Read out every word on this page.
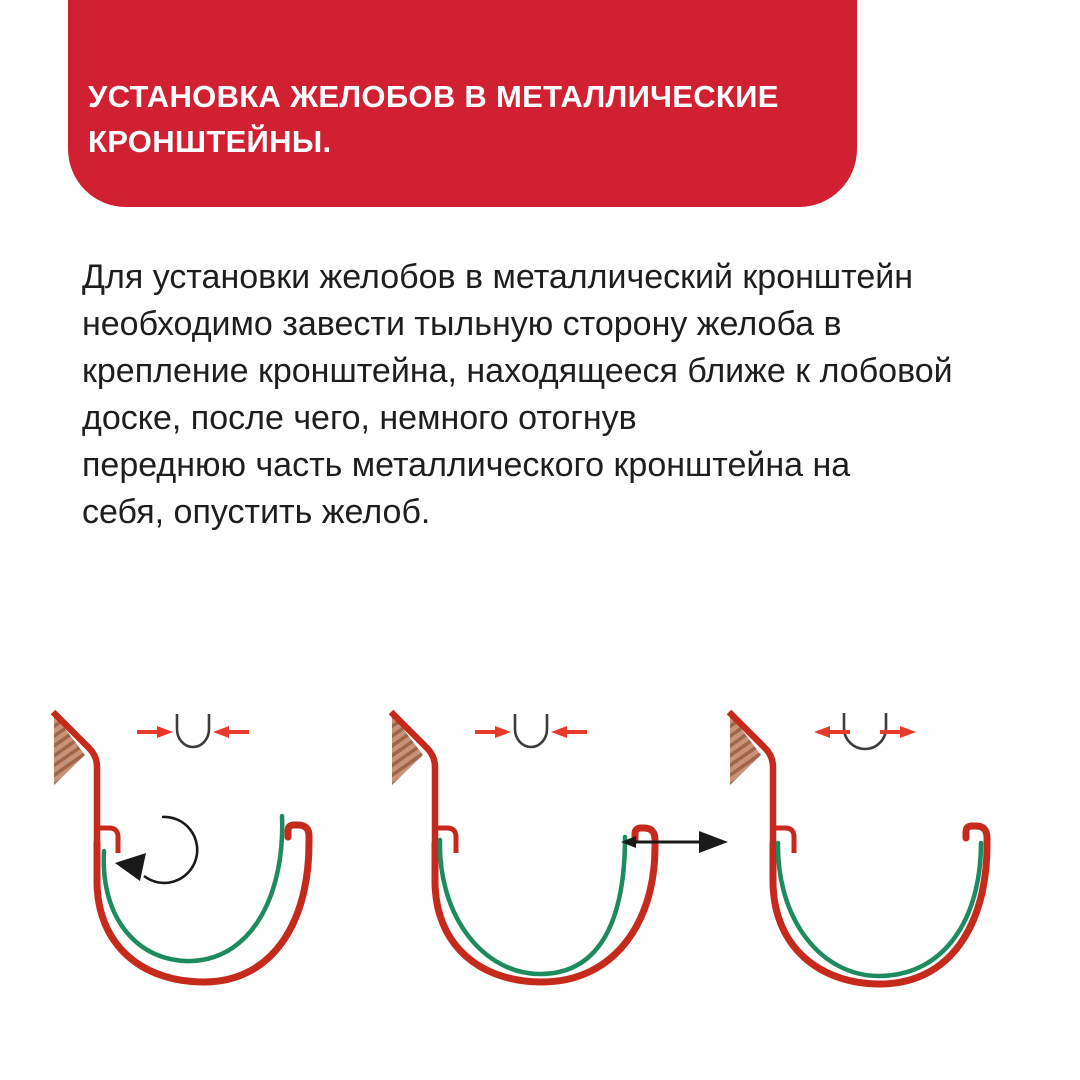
УСТАНОВКА ЖЕЛОБОВ В МЕТАЛЛИЧЕСКИЕ
КРОНШТЕЙНЫ.
Для установки желобов в металлический кронштейн
необходимо завести тыльную сторону желоба в
крепление кронштейна, находящееся ближе к лобовой
доске, после чего, немного отогнув
переднюю часть металлического кронштейна на
себя, опустить желоб.
